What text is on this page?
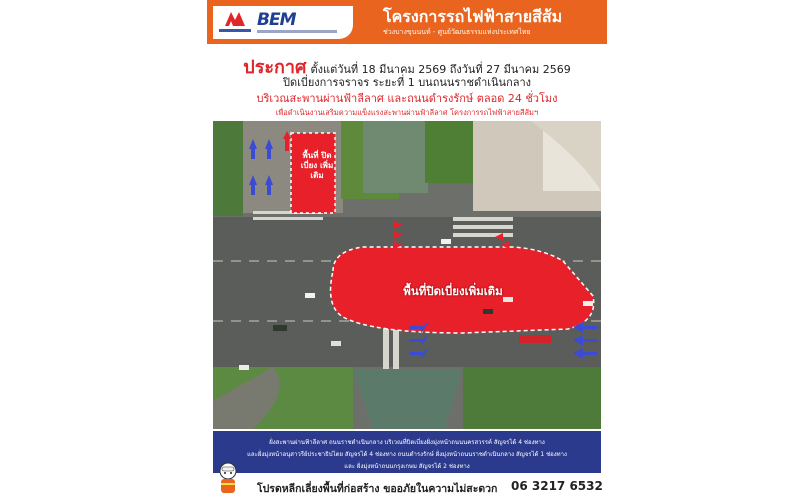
BEM	โครงการรถไฟฟ้าสายสีส้ม
ช่วงบางขุนนนท์ - ศูนย์วัฒนธรรมแห่งประเทศไทย
ประกาศ ตั้งแต่วันที่ 18 มีนาคม 2569 ถึงวันที่ 27 มีนาคม 2569
ปิดเบี่ยงการจราจร ระยะที่ 1 บนถนนราชดำเนินกลาง
บริเวณสะพานผ่านฟ้าลีลาศ และถนนดำรงรักษ์ ตลอด 24 ชั่วโมง
เพื่อดำเนินงานเสริมความแข็งแรงสะพานผ่านฟ้าลีลาศ โครงการรถไฟฟ้าสายสีส้มฯ
พื้นที่ ปิดเบี่ยง เพิ่มเติม
พื้นที่ปิดเบี่ยงเพิ่มเติม
ฝั่งสะพานผ่านฟ้าลีลาศ ถนนราชดำเนินกลาง บริเวณที่ปิดเบี่ยงฝั่งมุ่งหน้าถนนนครสวรรค์ สัญจรได้ 4 ช่องทาง
และฝั่งมุ่งหน้าอนุสาวรีย์ประชาธิปไตย สัญจรได้ 4 ช่องทาง ถนนดำรงรักษ์ ฝั่งมุ่งหน้าถนนราชดำเนินกลาง สัญจรได้ 1 ช่องทาง
และ ฝั่งมุ่งหน้าถนนกรุงเกษม สัญจรได้ 2 ช่องทาง
โปรดหลีกเลี่ยงพื้นที่ก่อสร้าง ขออภัยในความไม่สะดวก 06 3217 6532
